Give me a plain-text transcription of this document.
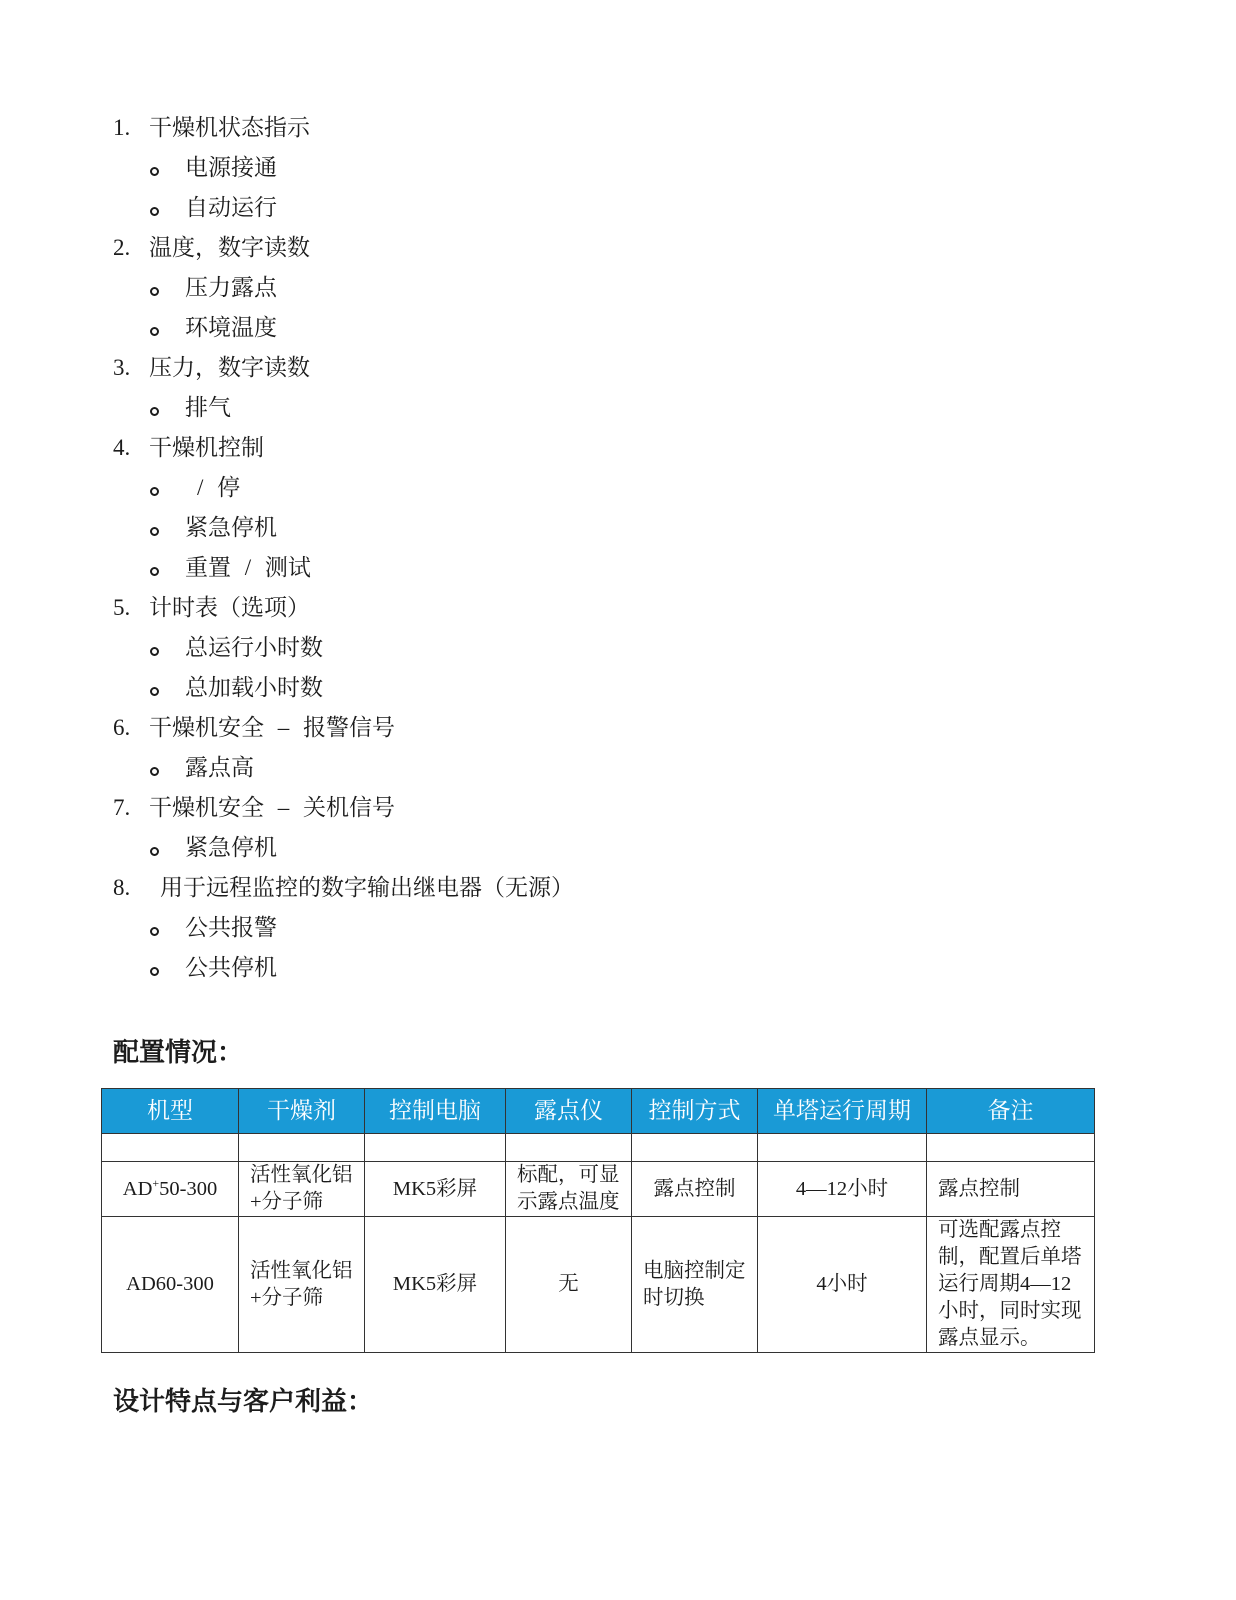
1. 干燥机状态指示
电源接通
自动运行
2. 温度，数字读数
压力露点
环境温度
3. 压力，数字读数
排气
4. 干燥机控制
/ 停
紧急停机
重置 / 测试
5. 计时表（选项）
总运行小时数
总加载小时数
6. 干燥机安全 – 报警信号
露点高
7. 干燥机安全 – 关机信号
紧急停机
8.	用于远程监控的数字输出继电器（无源）
公共报警
公共停机
配置情况：
机型	干燥剂	控制电脑	露点仪	控制方式	单塔运行周期	备注

AD+50-300	活性氧化铝
+分子筛	MK5彩屏	标配，可显
示露点温度	露点控制	4—12小时	露点控制
AD60-300	活性氧化铝
+分子筛	MK5彩屏	无	电脑控制定
时切换	4小时	可选配露点控
制，配置后单塔
运行周期4—12
小时，同时实现
露点显示。
设计特点与客户利益：
